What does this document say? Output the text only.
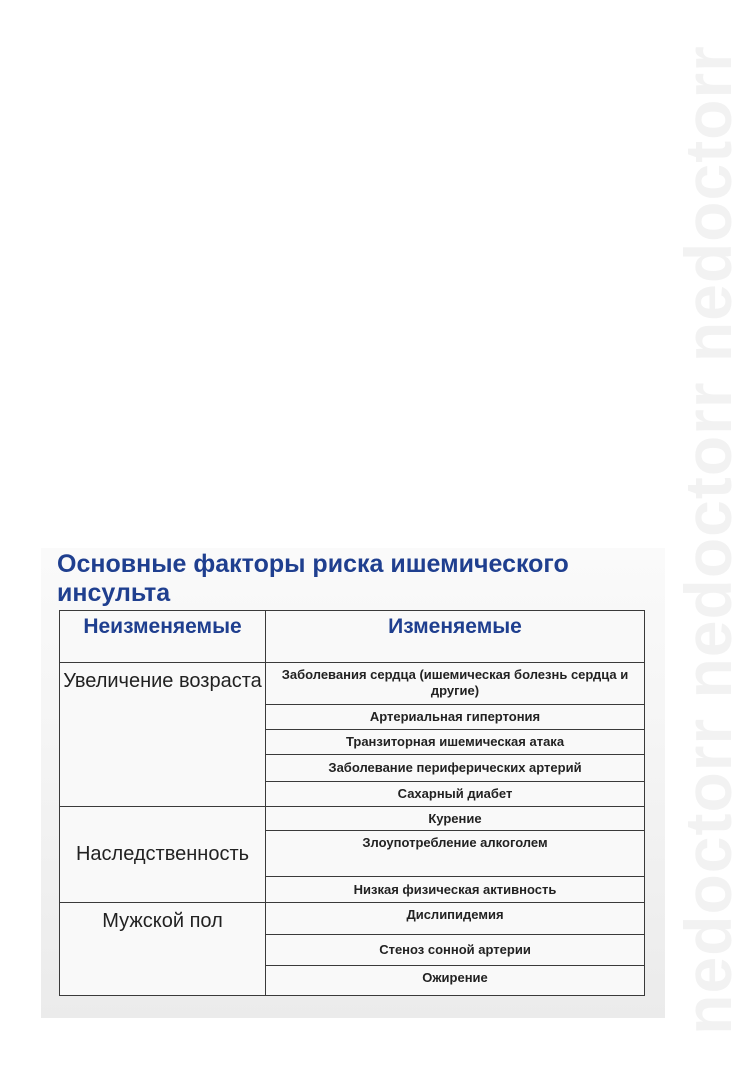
nedoctorr nedoctorr nedoctorr
Основные факторы риска ишемического инсульта
Неизменяемые	Изменяемые
Увеличение возраста	Заболевания сердца (ишемическая болезнь сердца и другие)
	Артериальная гипертония
	Транзиторная ишемическая атака
	Заболевание периферических артерий
	Сахарный диабет
Наследственность	Курение
	Злоупотребление алкоголем
	Низкая физическая активность
Мужской пол	Дислипидемия
	Стеноз сонной артерии
	Ожирение
